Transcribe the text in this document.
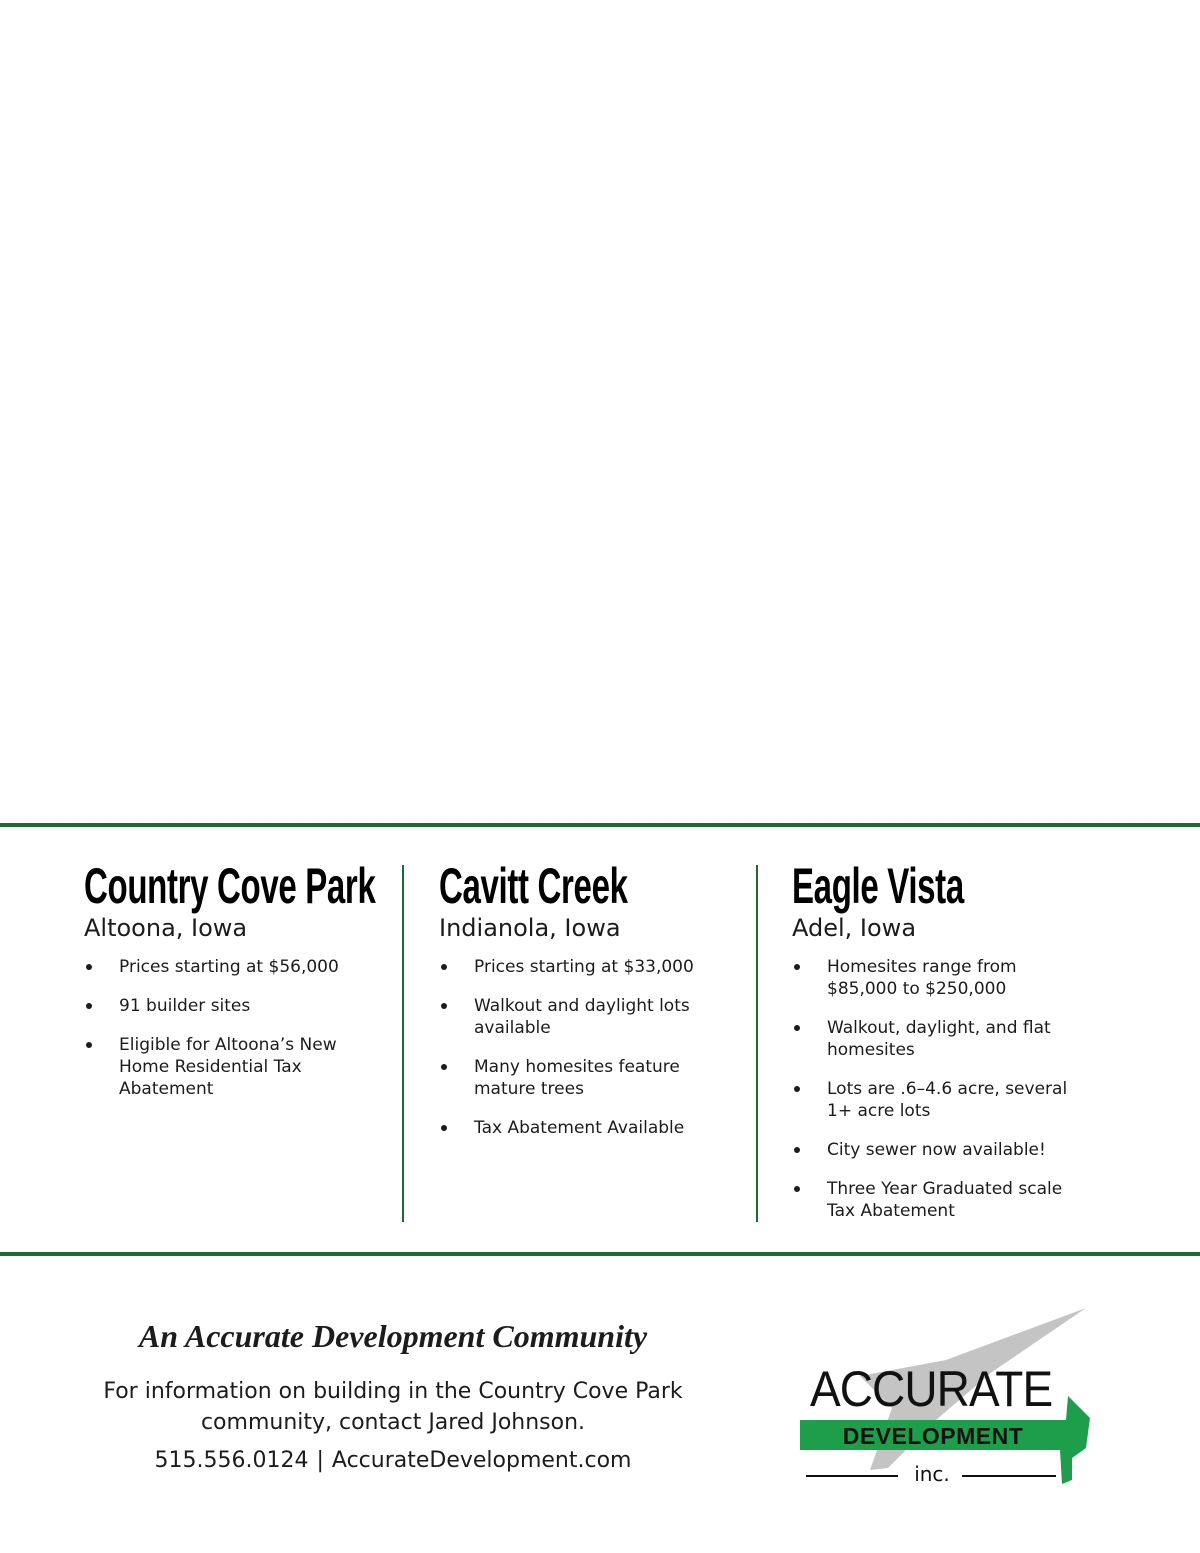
Country Cove Park
Altoona, Iowa
Prices starting at $56,000
91 builder sites
Eligible for Altoona’s New Home Residential Tax Abatement
Cavitt Creek
Indianola, Iowa
Prices starting at $33,000
Walkout and daylight lots available
Many homesites feature mature trees
Tax Abatement Available
Eagle Vista
Adel, Iowa
Homesites range from $85,000 to $250,000
Walkout, daylight, and flat homesites
Lots are .6–4.6 acre, several 1+ acre lots
City sewer now available!
Three Year Graduated scale Tax Abatement
An Accurate Development Community
For information on building in the Country Cove Park
community, contact Jared Johnson.
515.556.0124 | AccurateDevelopment.com
ACCURATE
DEVELOPMENT
inc.
